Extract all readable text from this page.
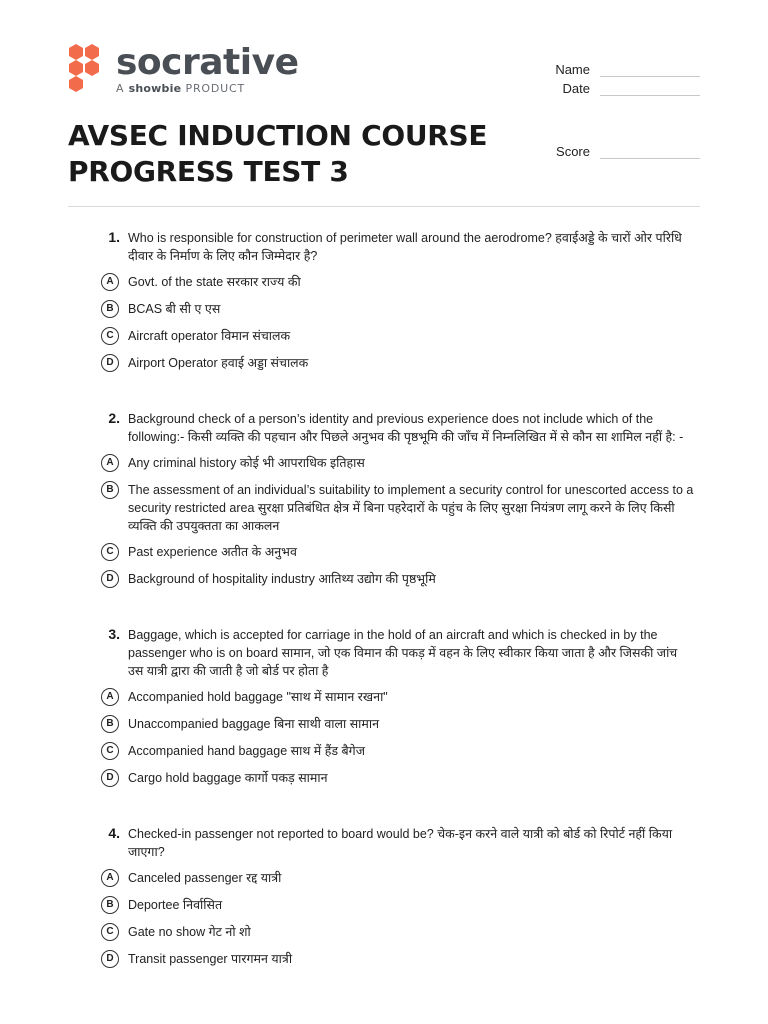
socrative
A showbie PRODUCT
Name
Date
Score
AVSEC INDUCTION COURSE
PROGRESS TEST 3
1. Who is responsible for construction of perimeter wall around the aerodrome? हवाईअड्डे के चारों ओर परिधि दीवार के निर्माण के लिए कौन जिम्मेदार है?
A	Govt. of the state सरकार राज्य की
B	BCAS बी सी ए एस
C	Aircraft operator विमान संचालक
D	Airport Operator हवाई अड्डा संचालक
2. Background check of a person’s identity and previous experience does not include which of the following:- किसी व्यक्ति की पहचान और पिछले अनुभव की पृष्ठभूमि की जाँच में निम्नलिखित में से कौन सा शामिल नहीं है: -
A	Any criminal history कोई भी आपराधिक इतिहास
B	The assessment of an individual’s suitability to implement a security control for unescorted access to a security restricted area सुरक्षा प्रतिबंधित क्षेत्र में बिना पहरेदारों के पहुंच के लिए सुरक्षा नियंत्रण लागू करने के लिए किसी व्यक्ति की उपयुक्तता का आकलन
C	Past experience अतीत के अनुभव
D	Background of hospitality industry आतिथ्य उद्योग की पृष्ठभूमि
3. Baggage, which is accepted for carriage in the hold of an aircraft and which is checked in by the passenger who is on board सामान, जो एक विमान की पकड़ में वहन के लिए स्वीकार किया जाता है और जिसकी जांच उस यात्री द्वारा की जाती है जो बोर्ड पर होता है
A	Accompanied hold baggage "साथ में सामान रखना"
B	Unaccompanied baggage बिना साथी वाला सामान
C	Accompanied hand baggage साथ में हैंड बैगेज
D	Cargo hold baggage कार्गो पकड़ सामान
4. Checked-in passenger not reported to board would be? चेक-इन करने वाले यात्री को बोर्ड को रिपोर्ट नहीं किया जाएगा?
A	Canceled passenger रद्द यात्री
B	Deportee निर्वासित
C	Gate no show गेट नो शो
D	Transit passenger पारगमन यात्री
